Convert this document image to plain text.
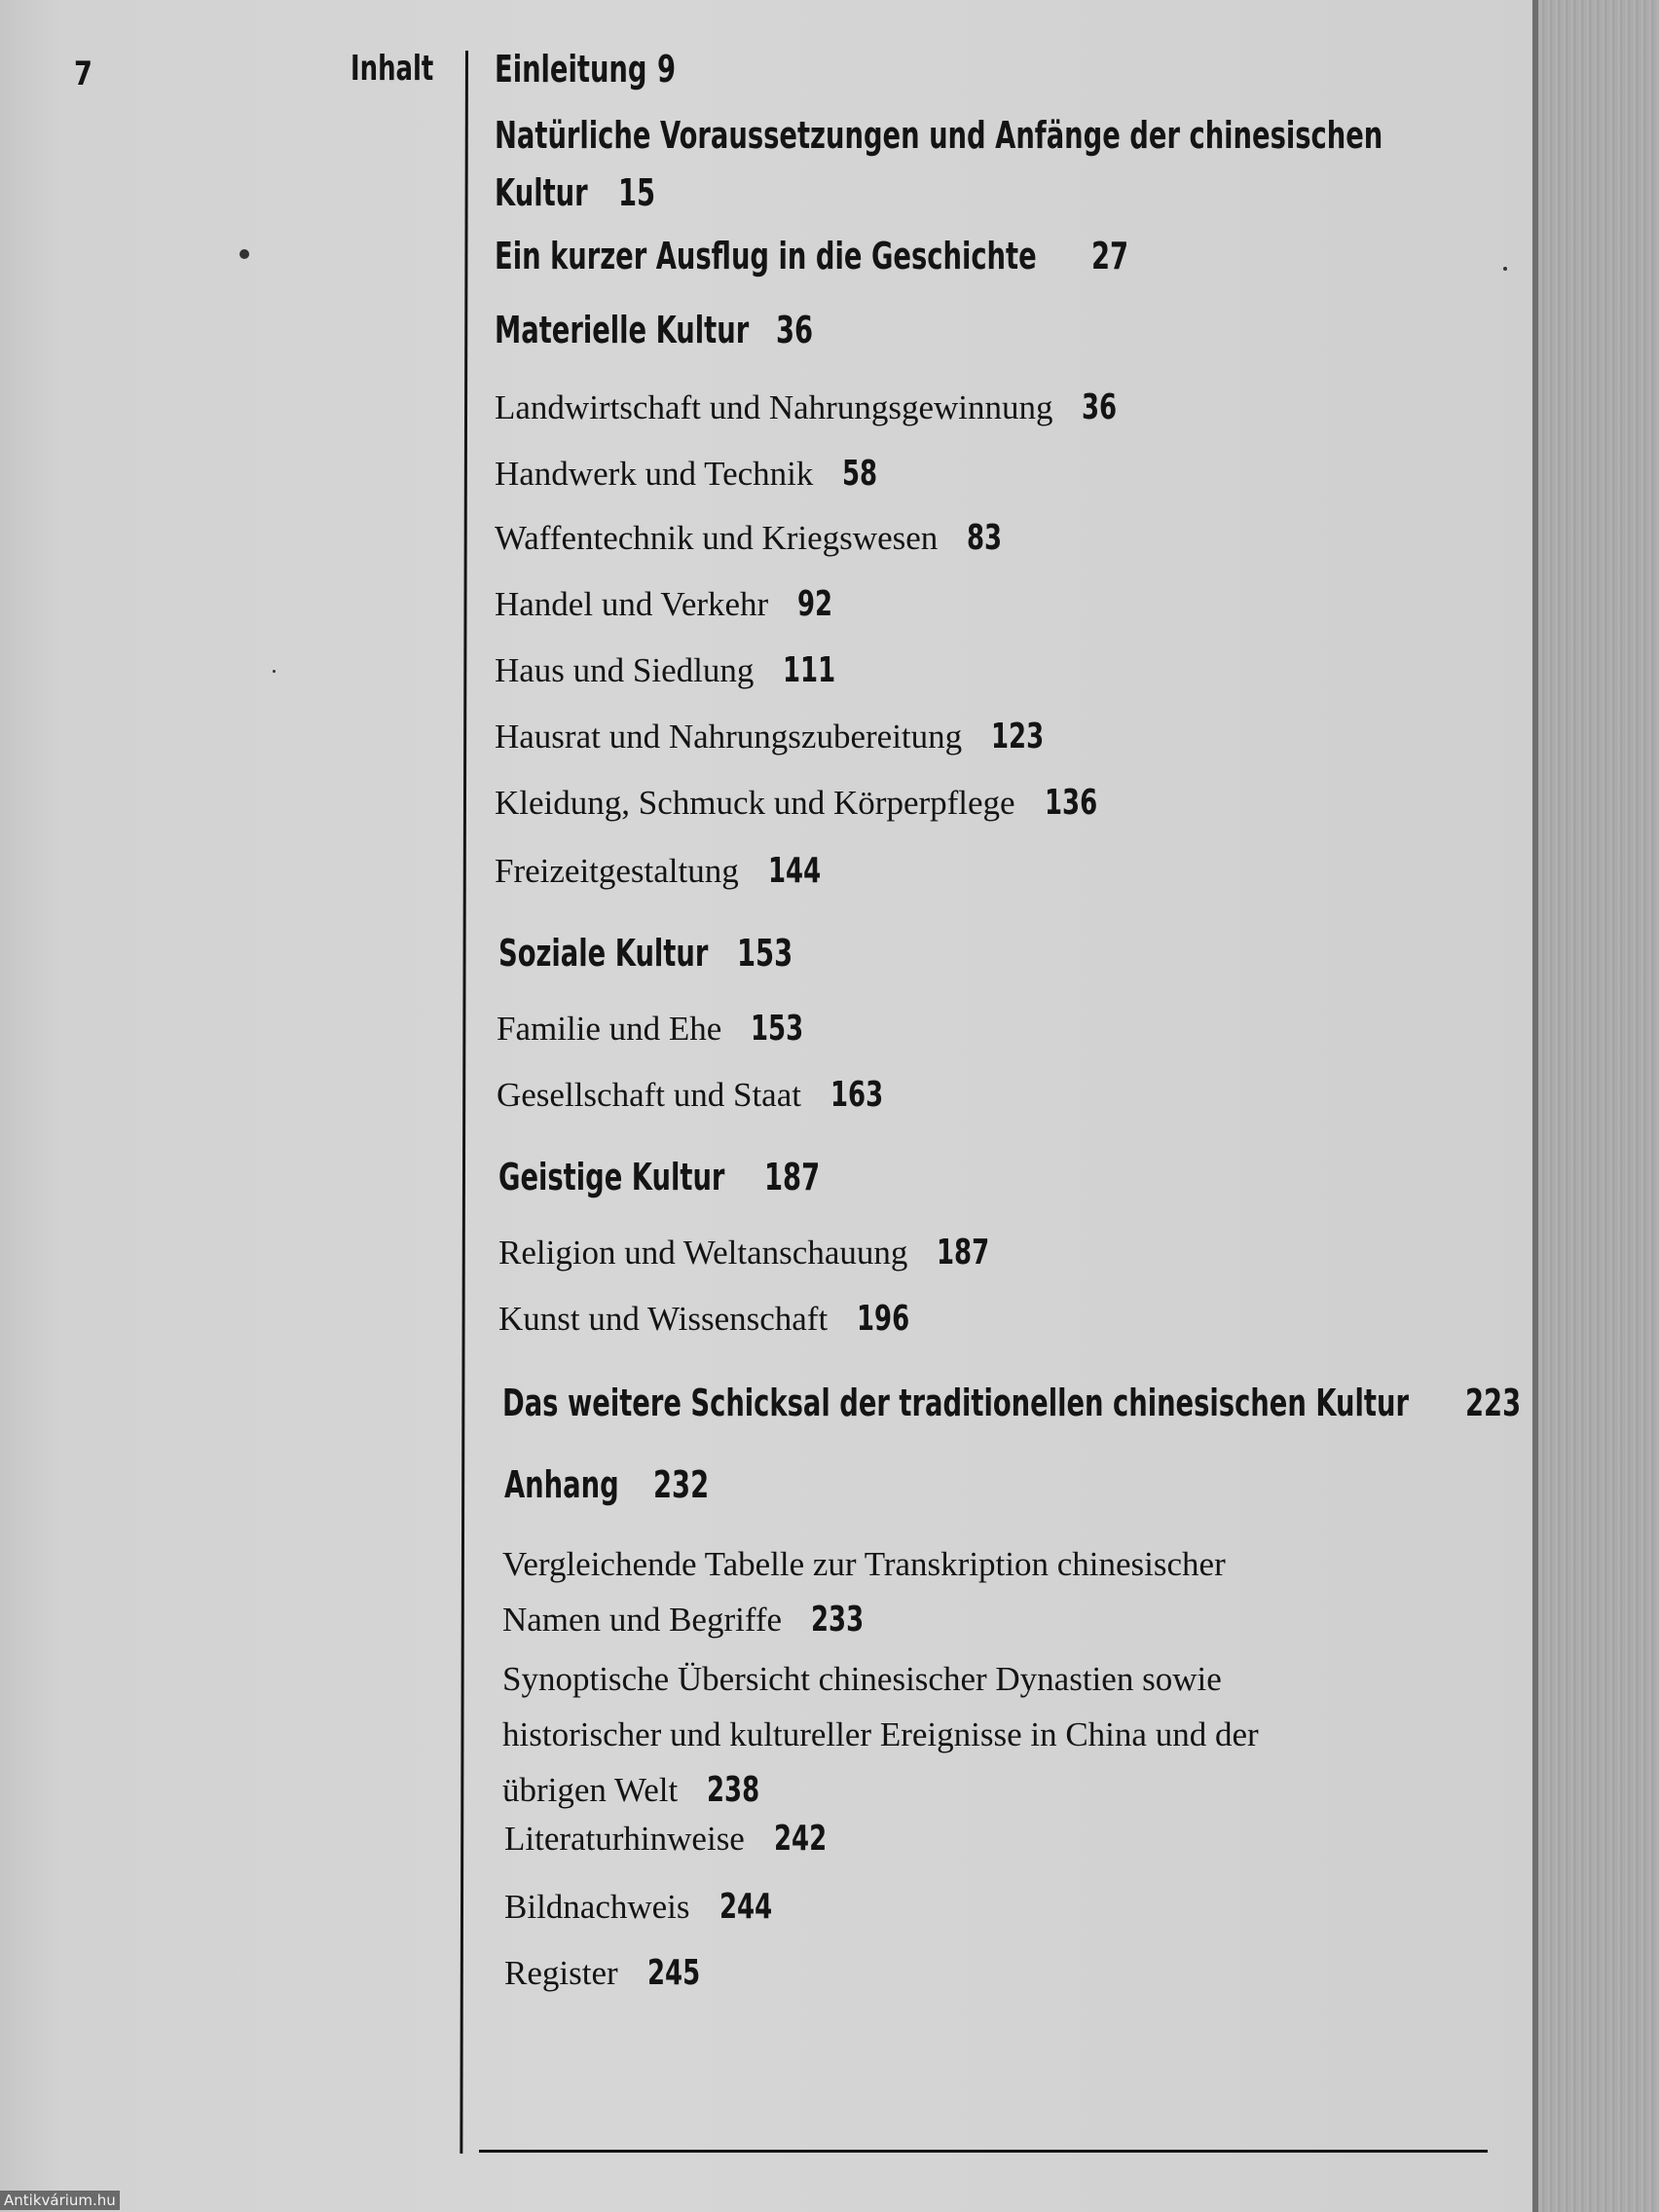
7	Inhalt Einleitung 9
Natürliche Voraussetzungen und Anfänge der chinesischen
Kultur 15
Ein kurzer Ausflug in die Geschichte 27
Materielle Kultur 36
Landwirtschaft und Nahrungsgewinnung 36
Handwerk und Technik 58
Waffentechnik und Kriegswesen 83
Handel und Verkehr 92
Haus und Siedlung 111
Hausrat und Nahrungszubereitung 123
Kleidung, Schmuck und Körperpflege 136
Freizeitgestaltung 144
Soziale Kultur 153
Familie und Ehe 153
Gesellschaft und Staat 163
Geistige Kultur 187
Religion und Weltanschauung 187
Kunst und Wissenschaft 196
Das weitere Schicksal der traditionellen chinesischen Kultur 223
Anhang 232
Vergleichende Tabelle zur Transkription chinesischer
Namen und Begriffe 233
Synoptische Übersicht chinesischer Dynastien sowie
historischer und kultureller Ereignisse in China und der
übrigen Welt 238
Literaturhinweise 242
Bildnachweis 244
Register 245
Antikvárium.hu
